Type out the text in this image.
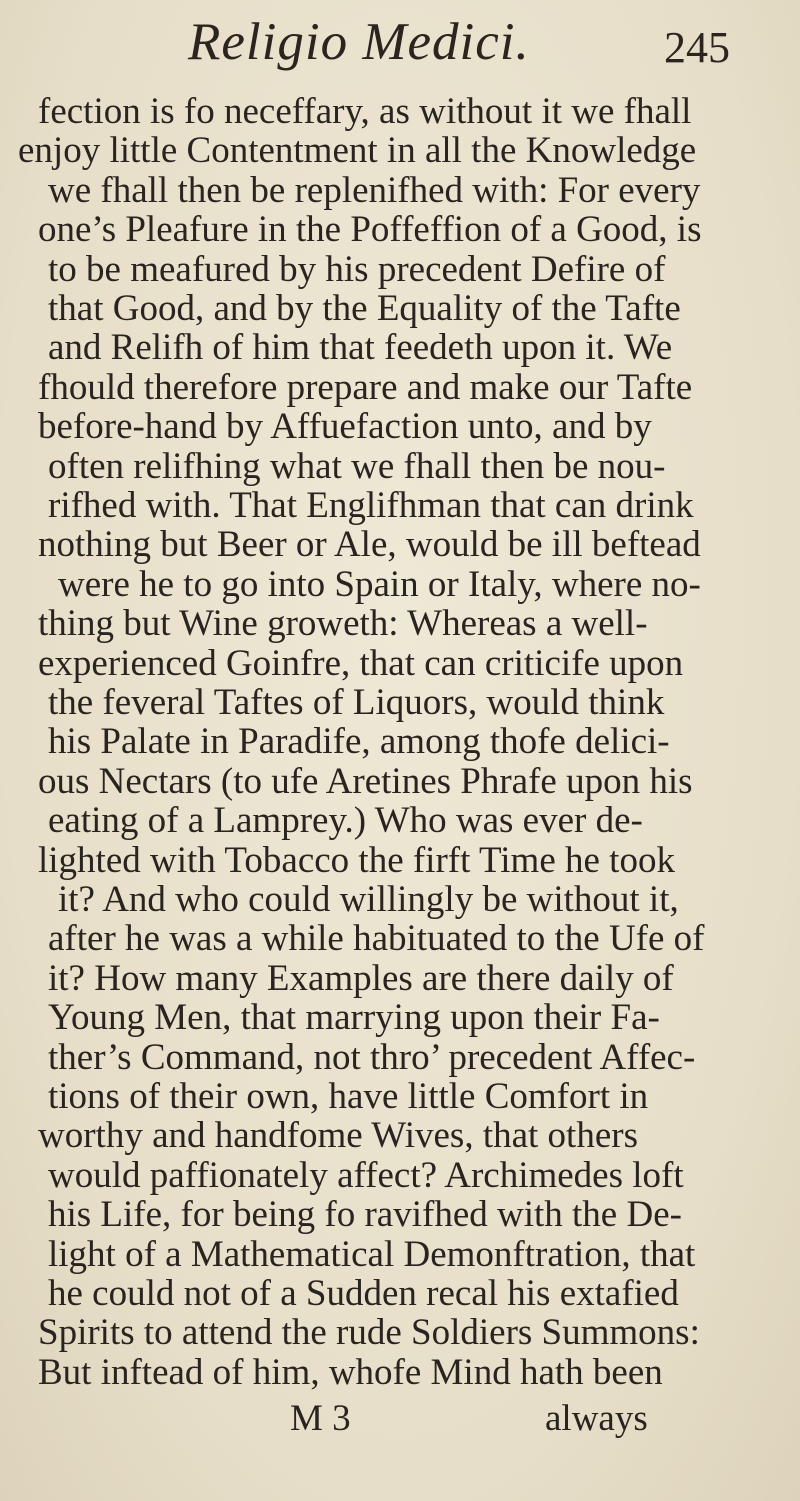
Religio Medici.	245
fection is fo neceffary, as without it we fhall
enjoy little Contentment in all the Knowledge
we fhall then be replenifhed with: For every
one’s Pleafure in the Poffeffion of a Good, is
to be meafured by his precedent Defire of
that Good, and by the Equality of the Tafte
and Relifh of him that feedeth upon it. We
fhould therefore prepare and make our Tafte
before-hand by Affuefaction unto, and by
often relifhing what we fhall then be nou-
rifhed with. That Englifhman that can drink
nothing but Beer or Ale, would be ill beftead
were he to go into Spain or Italy, where no-
thing but Wine groweth: Whereas a well-
experienced Goinfre, that can criticife upon
the feveral Taftes of Liquors, would think
his Palate in Paradife, among thofe delici-
ous Nectars (to ufe Aretines Phrafe upon his
eating of a Lamprey.) Who was ever de-
lighted with Tobacco the firft Time he took
it? And who could willingly be without it,
after he was a while habituated to the Ufe of
it? How many Examples are there daily of
Young Men, that marrying upon their Fa-
ther’s Command, not thro’ precedent Affec-
tions of their own, have little Comfort in
worthy and handfome Wives, that others
would paffionately affect? Archimedes loft
his Life, for being fo ravifhed with the De-
light of a Mathematical Demonftration, that
he could not of a Sudden recal his extafied
Spirits to attend the rude Soldiers Summons:
But inftead of him, whofe Mind hath been
M 3	always
